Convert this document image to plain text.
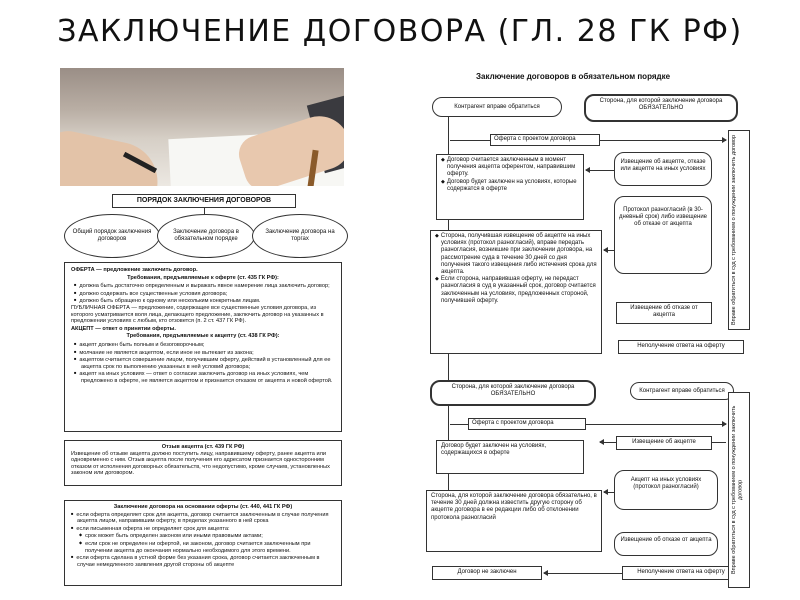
ЗАКЛЮЧЕНИЕ ДОГОВОРА (ГЛ. 28 ГК РФ)
ПОРЯДОК ЗАКЛЮЧЕНИЯ ДОГОВОРОВ
Общий порядок заключения договоров
Заключение договора в обязательном порядке
Заключение договора на торгах

ОФЕРТА — предложение заключить договор.

Требования, предъявляемые к оферте (ст. 435 ГК РФ):

■ должна быть достаточно определенным и выражать явное намерение лица заключить договор;
■ должно содержать все существенные условия договора;
■ должно быть обращено к одному или нескольким конкретным лицам.

ПУБЛИЧНАЯ ОФЕРТА — предложение, содержащее все существенные условия договора, из которого усматривается воля лица, делающего предложение, заключить договор на указанных в предложении условиях с любым, кто отзовется (п. 2 ст. 437 ГК РФ).

АКЦЕПТ — ответ о принятии оферты.

Требования, предъявляемые к акцепту (ст. 438 ГК РФ):

■ акцепт должен быть полным и безоговорочным;
■ молчание не является акцептом, если иное не вытекает из закона;
■ акцептом считается совершение лицом, получившим оферту, действий в установленный для ее акцепта срок по выполнению указанных в ней условий договора;
■ акцепт на иных условиях — ответ о согласии заключить договор на иных условиях, чем предложено в оферте, не является акцептом и признается отказом от акцепта и новой офертой.

Отзыв акцепта (ст. 439 ГК РФ)

Извещение об отзыве акцепта должно поступить лицу, направившему оферту, ранее акцепта или одновременно с ним. Отзыв акцепта после получения его адресатом признается односторонним отказом от исполнения договорных обязательств, что недопустимо, кроме случаев, установленных законом или договором.

Заключение договора на основании оферты (ст. 440, 441 ГК РФ)

■ если оферта определяет срок для акцепта, договор считается заключенным в случае получения акцепта лицом, направившим оферту, в пределах указанного в ней срока
■ если письменная оферта не определяет срок для акцепта:
◆ срок может быть определен законом или иными правовыми актами;
◆ если срок не определен ни офертой, ни законом, договор считается заключенным при получении акцепта до окончания нормально необходимого для этого времени.
■ если оферта сделана в устной форме без указания срока, договор считается заключенным в случае немедленного заявления другой стороны об акцепте
Заключение договоров в обязательном порядке
Контрагент вправе обратиться
Сторона, для которой заключение договора ОБЯЗАТЕЛЬНО
Оферта с проектом договора
◆ Договор считается заключенным в момент получения акцепта оферентом, направившим оферту.
◆ Договор будет заключен на условиях, которые содержатся в оферте
Извещение об акцепте, отказе или акцепте на иных условиях
Протокол разногласий (в 30-дневный срок) либо извещение об отказе от акцепта
◆ Сторона, получившая извещение об акцепте на иных условиях (протокол разногласий), вправе передать разногласия, возникшие при заключении договора, на рассмотрение суда в течение 30 дней со дня получения такого извещения либо истечения срока для акцепта.
◆ Если сторона, направившая оферту, не передаст разногласия в суд в указанный срок, договор считается заключенным на условиях, предложенных стороной, получившей оферту.
Извещение об отказе от акцепта
Неполучение ответа на оферту
Вправе обратиться в суд с требованием о понуждении заключить договор
Сторона, для которой заключение договора ОБЯЗАТЕЛЬНО
Контрагент вправе обратиться
Оферта с проектом договора
Извещение об акцепте
Договор будет заключен на условиях, содержащихся в оферте
Акцепт на иных условиях (протокол разногласий)
Сторона, для которой заключение договора обязательно, в течение 30 дней должна известить другую сторону об акцепте договора в ее редакции либо об отклонении протокола разногласий
Извещение об отказе от акцепта
Договор не заключен	Неполучение ответа на оферту	Вправе обратиться в суд с требованием о понуждении заключить договор
